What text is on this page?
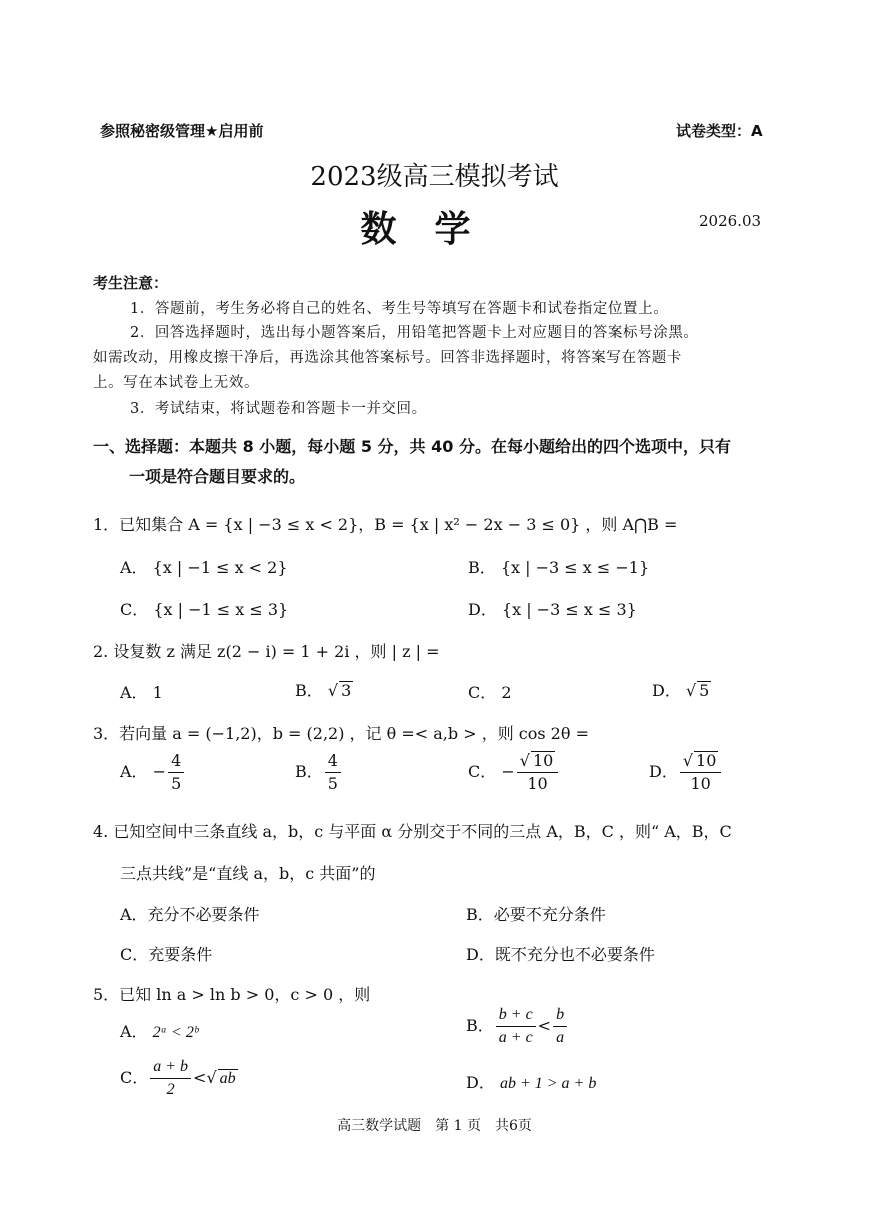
参照秘密级管理★启用前	试卷类型：A
2023级高三模拟考试
数学	2026.03
考生注意：
1．答题前，考生务必将自己的姓名、考生号等填写在答题卡和试卷指定位置上。
2．回答选择题时，选出每小题答案后，用铅笔把答题卡上对应题目的答案标号涂黑。
如需改动，用橡皮擦干净后，再选涂其他答案标号。回答非选择题时，将答案写在答题卡
上。写在本试卷上无效。
3．考试结束，将试题卷和答题卡一并交回。
一、选择题：本题共 8 小题，每小题 5 分，共 40 分。在每小题给出的四个选项中，只有
一项是符合题目要求的。
1．已知集合 A = {x | −3 ≤ x < 2}，B = {x | x² − 2x − 3 ≤ 0} ，则 A⋂B =
A． {x | −1 ≤ x < 2}	B． {x | −3 ≤ x ≤ −1}
C． {x | −1 ≤ x ≤ 3}	D． {x | −3 ≤ x ≤ 3}
2. 设复数 z 满足 z(2 − i) = 1 + 2i ，则 | z | =
A． 1	B． √ 3	C． 2	D． √ 5
3．若向量 a = (−1,2)，b = (2,2) ，记 θ =< a,b > ，则 cos 2θ =
A． − $\frac{4}{5}$	B． $\frac{4}{5}$	C． − $\frac{√ 10}{10}$	D． $\frac{√ 10}{10}$
4. 已知空间中三条直线 a，b，c 与平面 α 分别交于不同的三点 A，B，C ，则“ A，B，C
三点共线”是“直线 a，b，c 共面”的
A．充分不必要条件	B．必要不充分条件
C．充要条件	D．既不充分也不必要条件
5．已知 ln a > ln b > 0，c > 0 ，则
A． 2ᵃ < 2ᵇ	B． $\frac{b + c}{a + c} < \frac{b}{a}$
C． $\frac{a + b}{2}$ <√ ab	D． ab + 1 > a + b
高三数学试题　第 1 页　共6页
